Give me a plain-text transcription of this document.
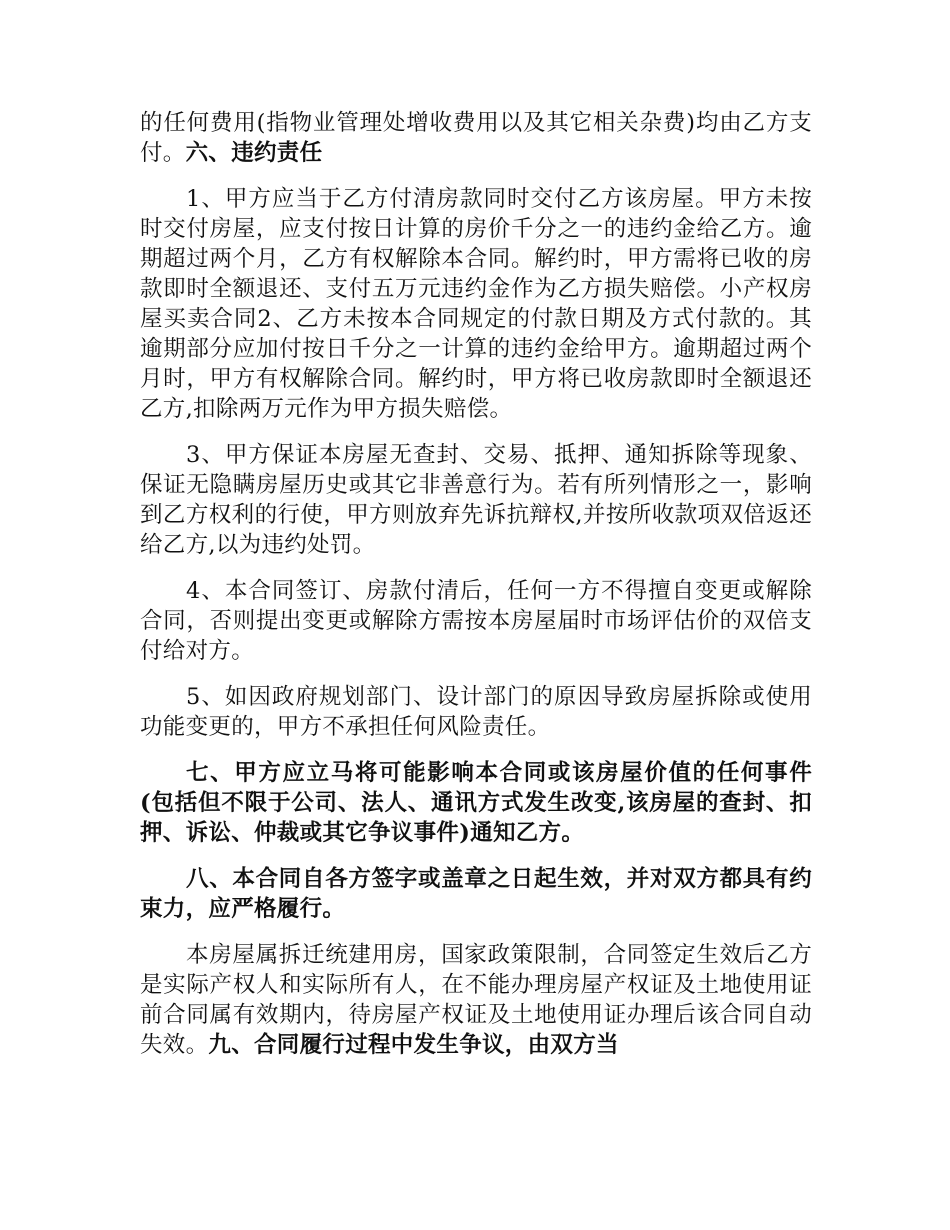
的任何费用(指物业管理处增收费用以及其它相关杂费)均由乙方支付。六、违约责任

1、甲方应当于乙方付清房款同时交付乙方该房屋。甲方未按时交付房屋，应支付按日计算的房价千分之一的违约金给乙方。逾期超过两个月，乙方有权解除本合同。解约时，甲方需将已收的房款即时全额退还、支付五万元违约金作为乙方损失赔偿。小产权房屋买卖合同2、乙方未按本合同规定的付款日期及方式付款的。其逾期部分应加付按日千分之一计算的违约金给甲方。逾期超过两个月时，甲方有权解除合同。解约时，甲方将已收房款即时全额退还乙方,扣除两万元作为甲方损失赔偿。

3、甲方保证本房屋无查封、交易、抵押、通知拆除等现象、保证无隐瞒房屋历史或其它非善意行为。若有所列情形之一，影响到乙方权利的行使，甲方则放弃先诉抗辩权,并按所收款项双倍返还给乙方,以为违约处罚。

4、本合同签订、房款付清后，任何一方不得擅自变更或解除合同，否则提出变更或解除方需按本房屋届时市场评估价的双倍支付给对方。

5、如因政府规划部门、设计部门的原因导致房屋拆除或使用功能变更的，甲方不承担任何风险责任。

七、甲方应立马将可能影响本合同或该房屋价值的任何事件(包括但不限于公司、法人、通讯方式发生改变,该房屋的查封、扣押、诉讼、仲裁或其它争议事件)通知乙方。

八、本合同自各方签字或盖章之日起生效，并对双方都具有约束力，应严格履行。

本房屋属拆迁统建用房，国家政策限制，合同签定生效后乙方是实际产权人和实际所有人，在不能办理房屋产权证及土地使用证前合同属有效期内，待房屋产权证及土地使用证办理后该合同自动失效。九、合同履行过程中发生争议，由双方当
